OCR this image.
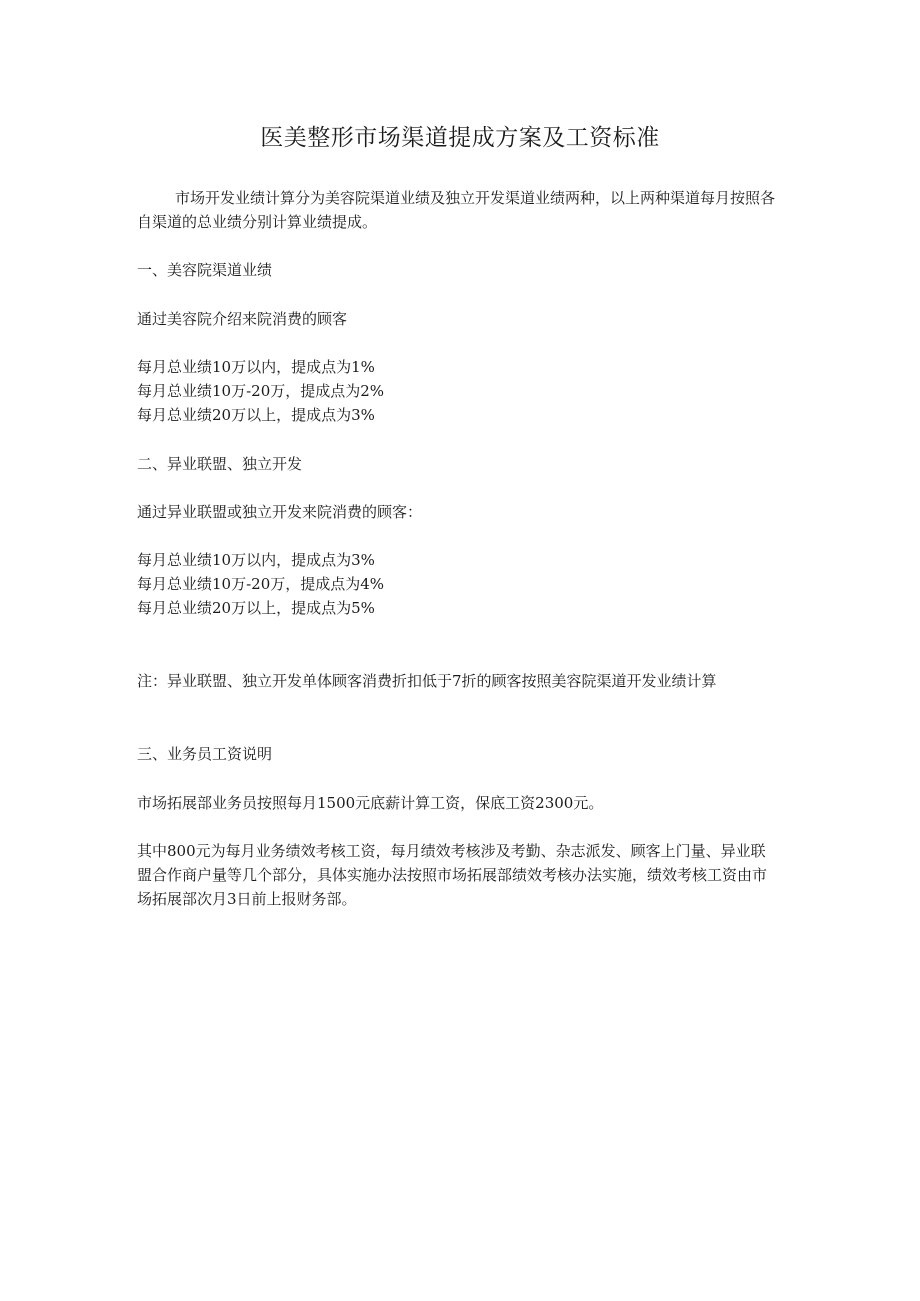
医美整形市场渠道提成方案及工资标准
市场开发业绩计算分为美容院渠道业绩及独立开发渠道业绩两种，以上两种渠道每月按照各自渠道的总业绩分别计算业绩提成。
一、美容院渠道业绩
通过美容院介绍来院消费的顾客
每月总业绩10万以内，提成点为1%
每月总业绩10万-20万，提成点为2%
每月总业绩20万以上，提成点为3%
二、异业联盟、独立开发
通过异业联盟或独立开发来院消费的顾客：
每月总业绩10万以内，提成点为3%
每月总业绩10万-20万，提成点为4%
每月总业绩20万以上，提成点为5%
注：异业联盟、独立开发单体顾客消费折扣低于7折的顾客按照美容院渠道开发业绩计算
三、业务员工资说明
市场拓展部业务员按照每月1500元底薪计算工资，保底工资2300元。
其中800元为每月业务绩效考核工资，每月绩效考核涉及考勤、杂志派发、顾客上门量、异业联盟合作商户量等几个部分，具体实施办法按照市场拓展部绩效考核办法实施，绩效考核工资由市场拓展部次月3日前上报财务部。
